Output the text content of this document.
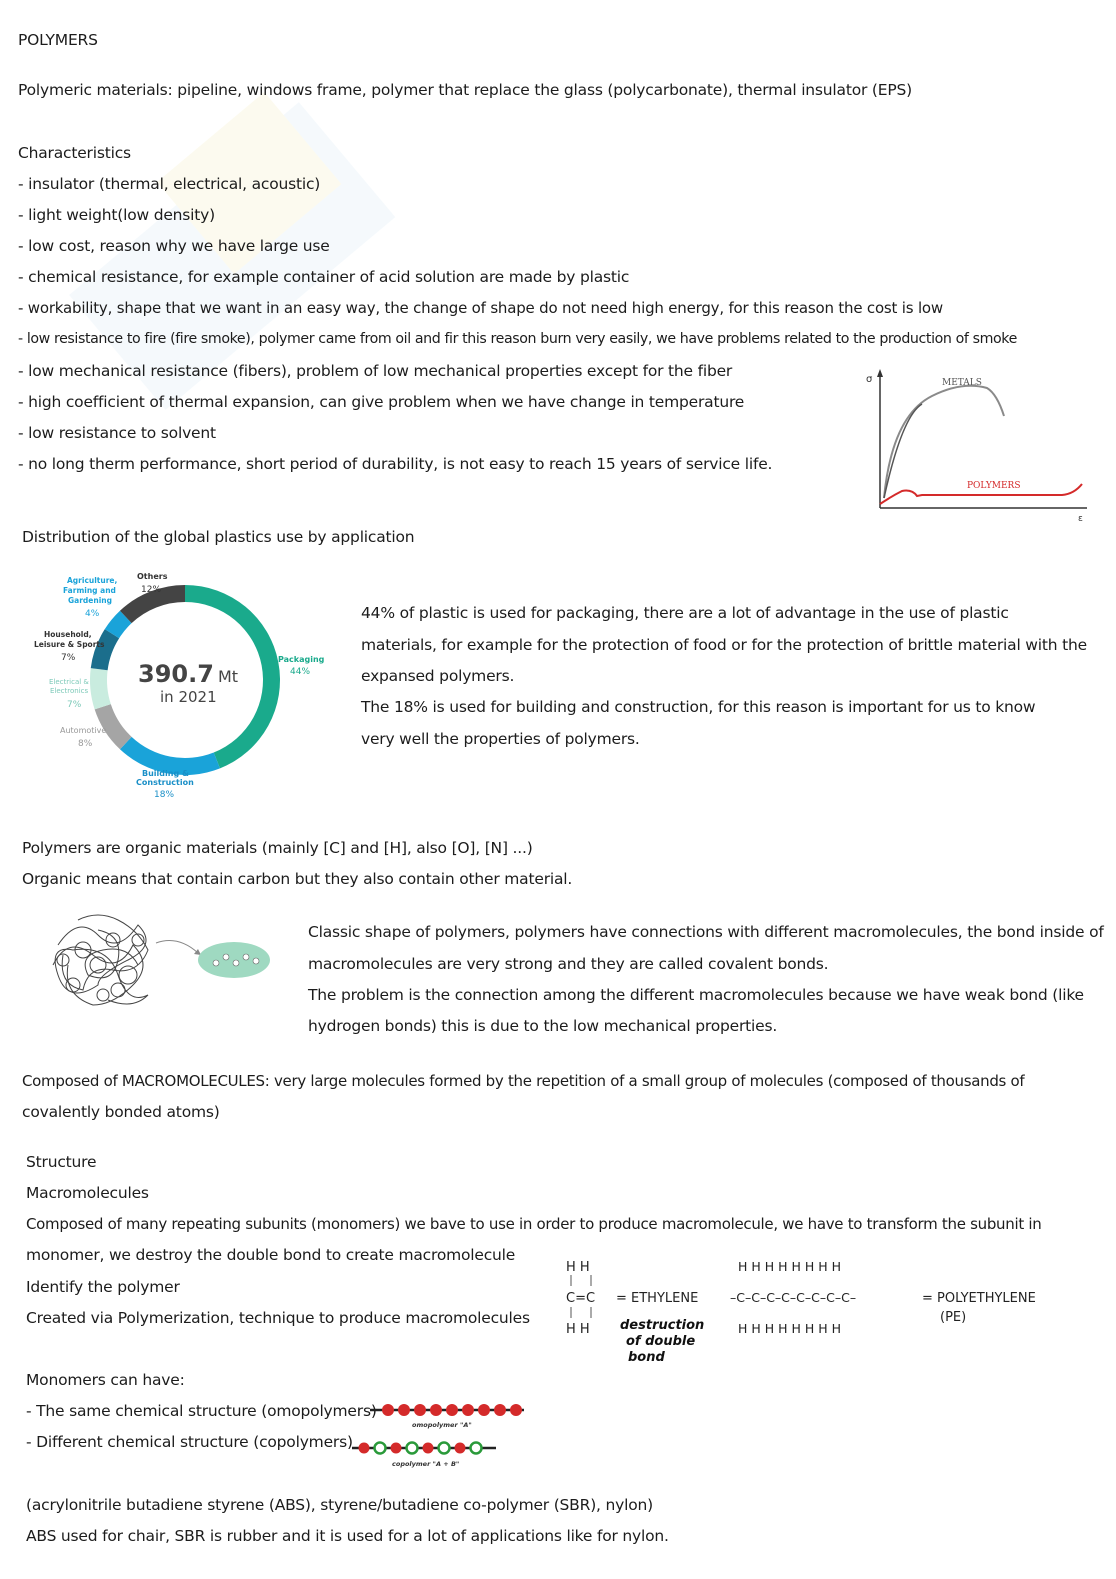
POLYMERS
Polymeric materials: pipeline, windows frame, polymer that replace the glass (polycarbonate), thermal insulator (EPS)
Characteristics
- insulator (thermal, electrical, acoustic)
- light weight(low density)
- low cost, reason why we have large use
- chemical resistance, for example container of acid solution are made by plastic
- workability, shape that we want in an easy way, the change of shape do not need high energy, for this reason the cost is low
- low resistance to fire (fire smoke), polymer came from oil and fir this reason burn very easily, we have problems related to the production of smoke
- low mechanical resistance (fibers), problem of low mechanical properties except for the fiber
- high coefficient of thermal expansion, can give problem when we have change in temperature
- low resistance to solvent
- no long therm performance, short period of durability, is not easy to reach 15 years of service life.
σ
ε
METALS
POLYMERS
Distribution of the global plastics use by application
390.7 Mt
in 2021
Packaging
44%
Building &
Construction
18%
Automotive
8%
Electrical &
Electronics
7%
Household,
Leisure & Sports
7%
Agriculture,
Farming and
Gardening
4%
Others
12%
44% of plastic is used for packaging, there are a lot of advantage in the use of plastic
materials, for example for the protection of food or for the protection of brittle material with the
expansed polymers.
The 18% is used for building and construction, for this reason is important for us to know
very well the properties of polymers.
Polymers are organic materials (mainly [C] and [H], also [O], [N] ...)
Organic means that contain carbon but they also contain other material.
Classic shape of polymers, polymers have connections with different macromolecules, the bond inside of
macromolecules are very strong and they are called covalent bonds.
The problem is the connection among the different macromolecules because we have weak bond (like
hydrogen bonds) this is due to the low mechanical properties.
Composed of MACROMOLECULES: very large molecules formed by the repetition of a small group of molecules (composed of thousands of
covalently bonded atoms)
Structure
Macromolecules
Composed of many repeating subunits (monomers) we bave to use in order to produce macromolecule, we have to transform the subunit in
monomer, we destroy the double bond to create macromolecule
Identify the polymer
Created via Polymerization, technique to produce macromolecules
H H
C=C
H H
= ETHYLENE
H H H H H H H H
–C–C–C–C–C–C–C–C–
H H H H H H H H
= POLYETHYLENE
(PE)
destruction
of double
bond
Monomers can have:
- The same chemical structure (omopolymers)
- Different chemical structure (copolymers)
omopolymer "A"
copolymer "A + B"
(acrylonitrile butadiene styrene (ABS), styrene/butadiene co-polymer (SBR), nylon)
ABS used for chair, SBR is rubber and it is used for a lot of applications like for nylon.
